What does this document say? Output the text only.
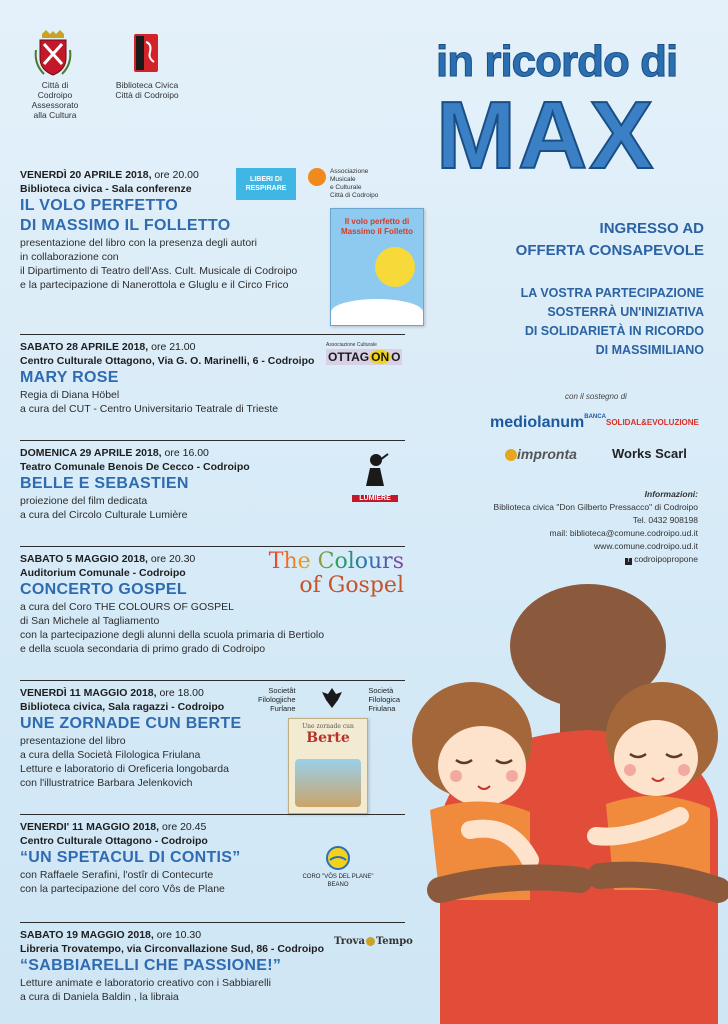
Città di
Codroipo
Assessorato
alla Cultura
Biblioteca Civica
Città di Codroipo
in ricordo di
MAX
INGRESSO AD
OFFERTA CONSAPEVOLE
LA VOSTRA PARTECIPAZIONE
SOSTERRÀ UN'INIZIATIVA
DI SOLIDARIETÀ IN RICORDO
DI MASSIMILIANO
con il sostegno di
mediolanum$^{BANCA}$
SOLIDAL&EVOLUZIONE
impronta	Works Scarl
Informazioni:
Biblioteca civica "Don Gilberto Pressacco" di Codroipo
Tel. 0432 908198
mail: biblioteca@comune.codroipo.ud.it
www.comune.codroipo.ud.it
f codroipopropone
VENERDÌ 20 APRILE 2018, ore 20.00
Biblioteca civica - Sala conferenze
IL VOLO PERFETTO
DI MASSIMO IL FOLLETTO
presentazione del libro con la presenza degli autori
in collaborazione con
il Dipartimento di Teatro dell'Ass. Cult. Musicale di Codroipo
e la partecipazione di Nanerottola e Gluglu e il Circo Frico
LIBERI DI RESPIRARE
Associazione
Musicale
e Culturale
Città di Codroipo
Il volo perfetto di
Massimo il Folletto
SABATO 28 APRILE 2018, ore 21.00
Centro Culturale Ottagono, Via G. O. Marinelli, 6 - Codroipo
MARY ROSE
Regia di Diana Höbel
a cura del CUT - Centro Universitario Teatrale di Trieste
Associazione Culturale
OTTAG ON O
DOMENICA 29 APRILE 2018, ore 16.00
Teatro Comunale Benois De Cecco - Codroipo
BELLE E SEBASTIEN
proiezione del film dedicata
a cura del Circolo Culturale Lumière
LUMIÈRE
SABATO 5 MAGGIO 2018, ore 20.30
Auditorium Comunale - Codroipo
CONCERTO GOSPEL
a cura del Coro THE COLOURS OF GOSPEL
di San Michele al Tagliamento
con la partecipazione degli alunni della scuola primaria di Bertiolo
e della scuola secondaria di primo grado di Codroipo
The Colours
of Gospel
VENERDÌ 11 MAGGIO 2018, ore 18.00
Biblioteca civica, Sala ragazzi - Codroipo
UNE ZORNADE CUN BERTE
presentazione del libro
a cura della Società Filologica Friulana
Letture e laboratorio di Oreficeria longobarda
con l'illustratrice Barbara Jelenkovich
Societât
Filologjiche
Furlane
Società
Filologica
Friulana
Une zornade cun
Berte
VENERDI' 11 MAGGIO 2018, ore 20.45
Centro Culturale Ottagono - Codroipo
“UN SPETACUL DI CONTIS”
con Raffaele Serafini, l'ostîr di Contecurte
con la partecipazione del coro Vôs de Plane
CORO "VÔS DEL PLANE"
BEANO
SABATO 19 MAGGIO 2018, ore 10.30
Libreria Trovatempo, via Circonvallazione Sud, 86 - Codroipo
“SABBIARELLI CHE PASSIONE!”
Letture animate e laboratorio creativo con i Sabbiarelli
a cura di Daniela Baldin , la libraia
Trova Tempo
